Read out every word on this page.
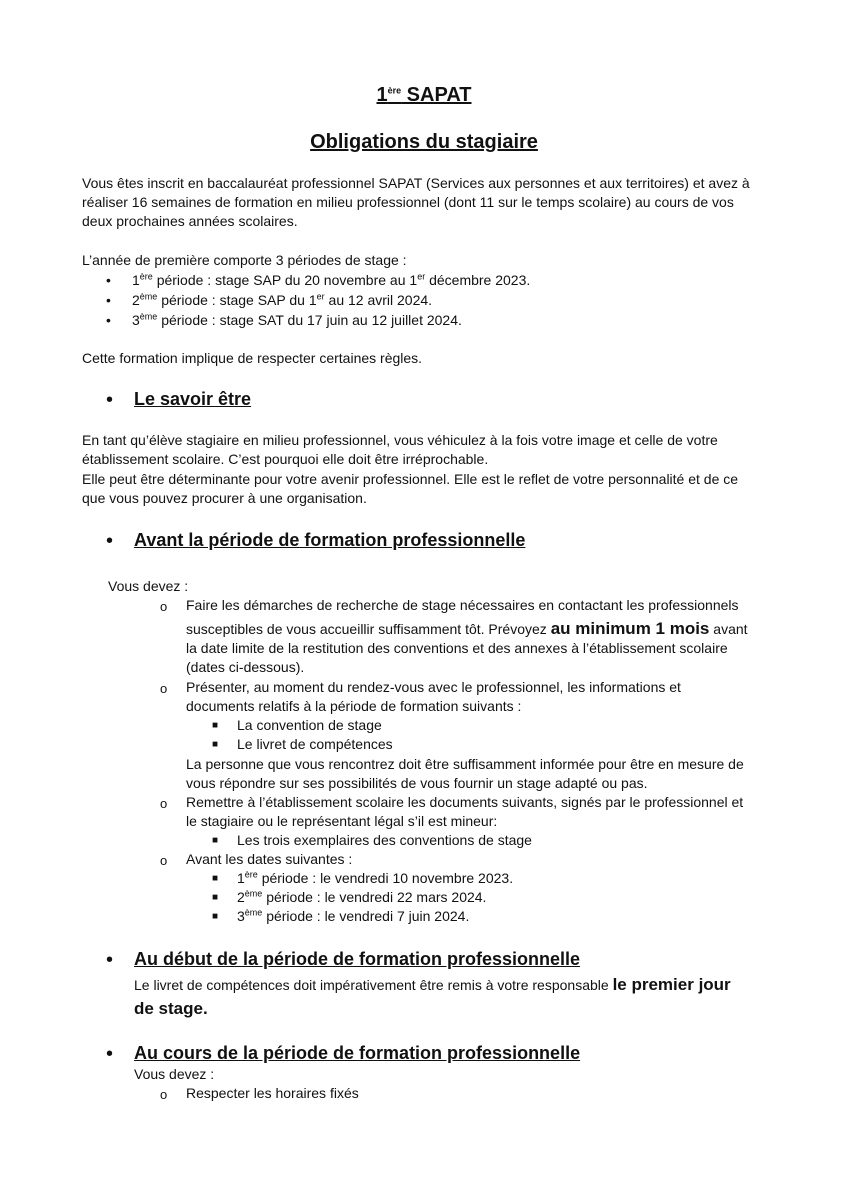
1ère SAPAT
Obligations du stagiaire
Vous êtes inscrit en baccalauréat professionnel SAPAT (Services aux personnes et aux territoires) et avez à
réaliser 16 semaines de formation en milieu professionnel (dont 11 sur le temps scolaire) au cours de vos
deux prochaines années scolaires.
L’année de première comporte 3 périodes de stage :
• 1ère période : stage SAP du 20 novembre au 1er décembre 2023.
• 2ème période : stage SAP du 1er au 12 avril 2024.
• 3ème période : stage SAT du 17 juin au 12 juillet 2024.
Cette formation implique de respecter certaines règles.
• Le savoir être
En tant qu’élève stagiaire en milieu professionnel, vous véhiculez à la fois votre image et celle de votre
établissement scolaire. C’est pourquoi elle doit être irréprochable.
Elle peut être déterminante pour votre avenir professionnel. Elle est le reflet de votre personnalité et de ce
que vous pouvez procurer à une organisation.
• Avant la période de formation professionnelle
Vous devez :
o Faire les démarches de recherche de stage nécessaires en contactant les professionnels
susceptibles de vous accueillir suffisamment tôt. Prévoyez au minimum 1 mois avant
la date limite de la restitution des conventions et des annexes à l’établissement scolaire
(dates ci-dessous).
o Présenter, au moment du rendez-vous avec le professionnel, les informations et
documents relatifs à la période de formation suivants :
■ La convention de stage
■ Le livret de compétences
La personne que vous rencontrez doit être suffisamment informée pour être en mesure de
vous répondre sur ses possibilités de vous fournir un stage adapté ou pas.
o Remettre à l’établissement scolaire les documents suivants, signés par le professionnel et
le stagiaire ou le représentant légal s’il est mineur:
■ Les trois exemplaires des conventions de stage
o Avant les dates suivantes :
■ 1ère période : le vendredi 10 novembre 2023.
■ 2ème période : le vendredi 22 mars 2024.
■ 3ème période : le vendredi 7 juin 2024.
• Au début de la période de formation professionnelle
Le livret de compétences doit impérativement être remis à votre responsable le premier jour
de stage.
• Au cours de la période de formation professionnelle
Vous devez :
o Respecter les horaires fixés
